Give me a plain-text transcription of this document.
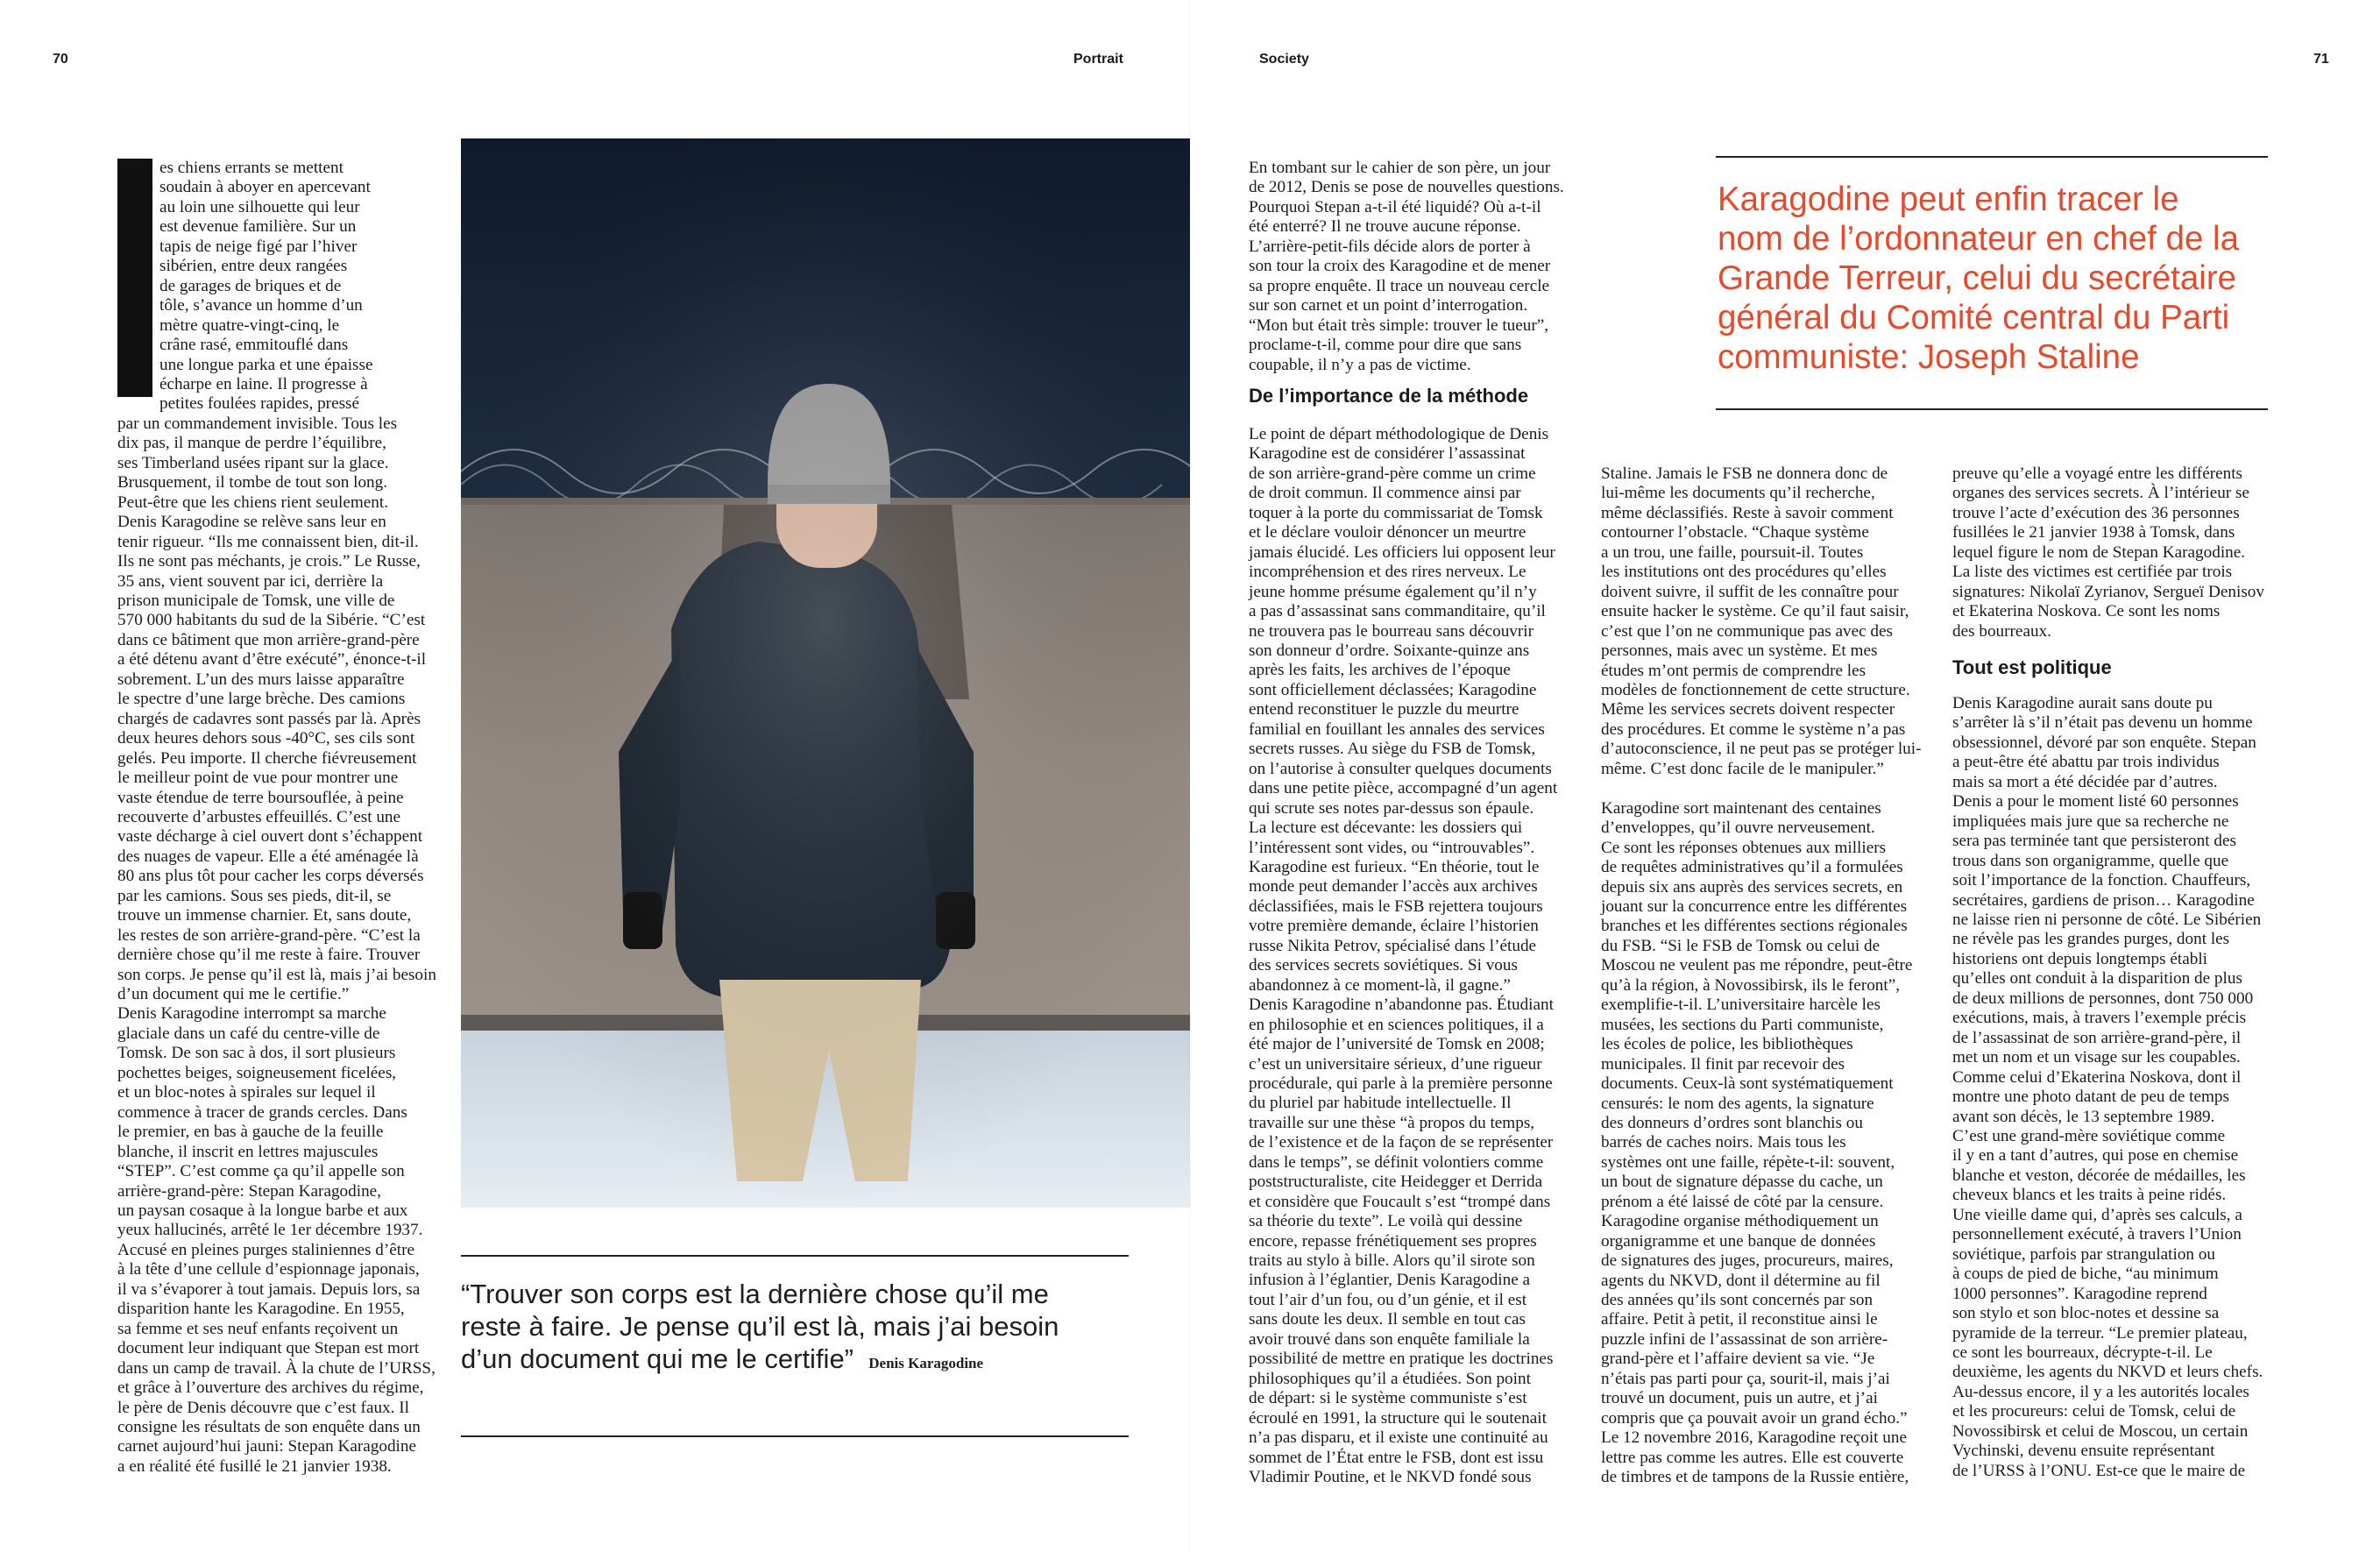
70	Portrait	Society	71
es chiens errants se mettent
soudain à aboyer en apercevant
au loin une silhouette qui leur
est devenue familière. Sur un
tapis de neige figé par l’hiver
sibérien, entre deux rangées
de garages de briques et de
tôle, s’avance un homme d’un
mètre quatre-vingt-cinq, le
crâne rasé, emmitouflé dans
une longue parka et une épaisse
écharpe en laine. Il progresse à
petites foulées rapides, pressé
par un commandement invisible. Tous les
dix pas, il manque de perdre l’équilibre,
ses Timberland usées ripant sur la glace.
Brusquement, il tombe de tout son long.
Peut-être que les chiens rient seulement.
Denis Karagodine se relève sans leur en
tenir rigueur. “Ils me connaissent bien, dit-il.
Ils ne sont pas méchants, je crois.” Le Russe,
35 ans, vient souvent par ici, derrière la
prison municipale de Tomsk, une ville de
570 000 habitants du sud de la Sibérie. “C’est
dans ce bâtiment que mon arrière-grand-père
a été détenu avant d’être exécuté”, énonce-t-il
sobrement. L’un des murs laisse apparaître
le spectre d’une large brèche. Des camions
chargés de cadavres sont passés par là. Après
deux heures dehors sous -40°C, ses cils sont
gelés. Peu importe. Il cherche fiévreusement
le meilleur point de vue pour montrer une
vaste étendue de terre boursouflée, à peine
recouverte d’arbustes effeuillés. C’est une
vaste décharge à ciel ouvert dont s’échappent
des nuages de vapeur. Elle a été aménagée là
80 ans plus tôt pour cacher les corps déversés
par les camions. Sous ses pieds, dit-il, se
trouve un immense charnier. Et, sans doute,
les restes de son arrière-grand-père. “C’est la
dernière chose qu’il me reste à faire. Trouver
son corps. Je pense qu’il est là, mais j’ai besoin
d’un document qui me le certifie.”
Denis Karagodine interrompt sa marche
glaciale dans un café du centre-ville de
Tomsk. De son sac à dos, il sort plusieurs
pochettes beiges, soigneusement ficelées,
et un bloc-notes à spirales sur lequel il
commence à tracer de grands cercles. Dans
le premier, en bas à gauche de la feuille
blanche, il inscrit en lettres majuscules
“STEP”. C’est comme ça qu’il appelle son
arrière-grand-père: Stepan Karagodine,
un paysan cosaque à la longue barbe et aux
yeux hallucinés, arrêté le 1er décembre 1937.
Accusé en pleines purges staliniennes d’être
à la tête d’une cellule d’espionnage japonais,
il va s’évaporer à tout jamais. Depuis lors, sa
disparition hante les Karagodine. En 1955,
sa femme et ses neuf enfants reçoivent un
document leur indiquant que Stepan est mort
dans un camp de travail. À la chute de l’URSS,
et grâce à l’ouverture des archives du régime,
le père de Denis découvre que c’est faux. Il
consigne les résultats de son enquête dans un
carnet aujourd’hui jauni: Stepan Karagodine
a en réalité été fusillé le 21 janvier 1938.
“Trouver son corps est la dernière chose qu’il me
reste à faire. Je pense qu’il est là, mais j’ai besoin
d’un document qui me le certifie” Denis Karagodine
En tombant sur le cahier de son père, un jour
de 2012, Denis se pose de nouvelles questions.
Pourquoi Stepan a-t-il été liquidé? Où a-t-il
été enterré? Il ne trouve aucune réponse.
L’arrière-petit-fils décide alors de porter à
son tour la croix des Karagodine et de mener
sa propre enquête. Il trace un nouveau cercle
sur son carnet et un point d’interrogation.
“Mon but était très simple: trouver le tueur”,
proclame-t-il, comme pour dire que sans
coupable, il n’y a pas de victime.
De l’importance de la méthode
Le point de départ méthodologique de Denis
Karagodine est de considérer l’assassinat
de son arrière-grand-père comme un crime
de droit commun. Il commence ainsi par
toquer à la porte du commissariat de Tomsk
et le déclare vouloir dénoncer un meurtre
jamais élucidé. Les officiers lui opposent leur
incompréhension et des rires nerveux. Le
jeune homme présume également qu’il n’y
a pas d’assassinat sans commanditaire, qu’il
ne trouvera pas le bourreau sans découvrir
son donneur d’ordre. Soixante-quinze ans
après les faits, les archives de l’époque
sont officiellement déclassées; Karagodine
entend reconstituer le puzzle du meurtre
familial en fouillant les annales des services
secrets russes. Au siège du FSB de Tomsk,
on l’autorise à consulter quelques documents
dans une petite pièce, accompagné d’un agent
qui scrute ses notes par-dessus son épaule.
La lecture est décevante: les dossiers qui
l’intéressent sont vides, ou “introuvables”.
Karagodine est furieux. “En théorie, tout le
monde peut demander l’accès aux archives
déclassifiées, mais le FSB rejettera toujours
votre première demande, éclaire l’historien
russe Nikita Petrov, spécialisé dans l’étude
des services secrets soviétiques. Si vous
abandonnez à ce moment-là, il gagne.”
Denis Karagodine n’abandonne pas. Étudiant
en philosophie et en sciences politiques, il a
été major de l’université de Tomsk en 2008;
c’est un universitaire sérieux, d’une rigueur
procédurale, qui parle à la première personne
du pluriel par habitude intellectuelle. Il
travaille sur une thèse “à propos du temps,
de l’existence et de la façon de se représenter
dans le temps”, se définit volontiers comme
poststructuraliste, cite Heidegger et Derrida
et considère que Foucault s’est “trompé dans
sa théorie du texte”. Le voilà qui dessine
encore, repasse frénétiquement ses propres
traits au stylo à bille. Alors qu’il sirote son
infusion à l’églantier, Denis Karagodine a
tout l’air d’un fou, ou d’un génie, et il est
sans doute les deux. Il semble en tout cas
avoir trouvé dans son enquête familiale la
possibilité de mettre en pratique les doctrines
philosophiques qu’il a étudiées. Son point
de départ: si le système communiste s’est
écroulé en 1991, la structure qui le soutenait
n’a pas disparu, et il existe une continuité au
sommet de l’État entre le FSB, dont est issu
Vladimir Poutine, et le NKVD fondé sous
Karagodine peut enfin tracer le
nom de l’ordonnateur en chef de la
Grande Terreur, celui du secrétaire
général du Comité central du Parti
communiste: Joseph Staline
Staline. Jamais le FSB ne donnera donc de
lui-même les documents qu’il recherche,
même déclassifiés. Reste à savoir comment
contourner l’obstacle. “Chaque système
a un trou, une faille, poursuit-il. Toutes
les institutions ont des procédures qu’elles
doivent suivre, il suffit de les connaître pour
ensuite hacker le système. Ce qu’il faut saisir,
c’est que l’on ne communique pas avec des
personnes, mais avec un système. Et mes
études m’ont permis de comprendre les
modèles de fonctionnement de cette structure.
Même les services secrets doivent respecter
des procédures. Et comme le système n’a pas
d’autoconscience, il ne peut pas se protéger lui-
même. C’est donc facile de le manipuler.”

Karagodine sort maintenant des centaines
d’enveloppes, qu’il ouvre nerveusement.
Ce sont les réponses obtenues aux milliers
de requêtes administratives qu’il a formulées
depuis six ans auprès des services secrets, en
jouant sur la concurrence entre les différentes
branches et les différentes sections régionales
du FSB. “Si le FSB de Tomsk ou celui de
Moscou ne veulent pas me répondre, peut-être
qu’à la région, à Novossibirsk, ils le feront”,
exemplifie-t-il. L’universitaire harcèle les
musées, les sections du Parti communiste,
les écoles de police, les bibliothèques
municipales. Il finit par recevoir des
documents. Ceux-là sont systématiquement
censurés: le nom des agents, la signature
des donneurs d’ordres sont blanchis ou
barrés de caches noirs. Mais tous les
systèmes ont une faille, répète-t-il: souvent,
un bout de signature dépasse du cache, un
prénom a été laissé de côté par la censure.
Karagodine organise méthodiquement un
organigramme et une banque de données
de signatures des juges, procureurs, maires,
agents du NKVD, dont il détermine au fil
des années qu’ils sont concernés par son
affaire. Petit à petit, il reconstitue ainsi le
puzzle infini de l’assassinat de son arrière-
grand-père et l’affaire devient sa vie. “Je
n’étais pas parti pour ça, sourit-il, mais j’ai
trouvé un document, puis un autre, et j’ai
compris que ça pouvait avoir un grand écho.”
Le 12 novembre 2016, Karagodine reçoit une
lettre pas comme les autres. Elle est couverte
de timbres et de tampons de la Russie entière,
preuve qu’elle a voyagé entre les différents
organes des services secrets. À l’intérieur se
trouve l’acte d’exécution des 36 personnes
fusillées le 21 janvier 1938 à Tomsk, dans
lequel figure le nom de Stepan Karagodine.
La liste des victimes est certifiée par trois
signatures: Nikolaï Zyrianov, Sergueï Denisov
et Ekaterina Noskova. Ce sont les noms
des bourreaux.
Tout est politique
Denis Karagodine aurait sans doute pu
s’arrêter là s’il n’était pas devenu un homme
obsessionnel, dévoré par son enquête. Stepan
a peut-être été abattu par trois individus
mais sa mort a été décidée par d’autres.
Denis a pour le moment listé 60 personnes
impliquées mais jure que sa recherche ne
sera pas terminée tant que persisteront des
trous dans son organigramme, quelle que
soit l’importance de la fonction. Chauffeurs,
secrétaires, gardiens de prison… Karagodine
ne laisse rien ni personne de côté. Le Sibérien
ne révèle pas les grandes purges, dont les
historiens ont depuis longtemps établi
qu’elles ont conduit à la disparition de plus
de deux millions de personnes, dont 750 000
exécutions, mais, à travers l’exemple précis
de l’assassinat de son arrière-grand-père, il
met un nom et un visage sur les coupables.
Comme celui d’Ekaterina Noskova, dont il
montre une photo datant de peu de temps
avant son décès, le 13 septembre 1989.
C’est une grand-mère soviétique comme
il y en a tant d’autres, qui pose en chemise
blanche et veston, décorée de médailles, les
cheveux blancs et les traits à peine ridés.
Une vieille dame qui, d’après ses calculs, a
personnellement exécuté, à travers l’Union
soviétique, parfois par strangulation ou
à coups de pied de biche, “au minimum
1000 personnes”. Karagodine reprend
son stylo et son bloc-notes et dessine sa
pyramide de la terreur. “Le premier plateau,
ce sont les bourreaux, décrypte-t-il. Le
deuxième, les agents du NKVD et leurs chefs.
Au-dessus encore, il y a les autorités locales
et les procureurs: celui de Tomsk, celui de
Novossibirsk et celui de Moscou, un certain
Vychinski, devenu ensuite représentant
de l’URSS à l’ONU. Est-ce que le maire de
